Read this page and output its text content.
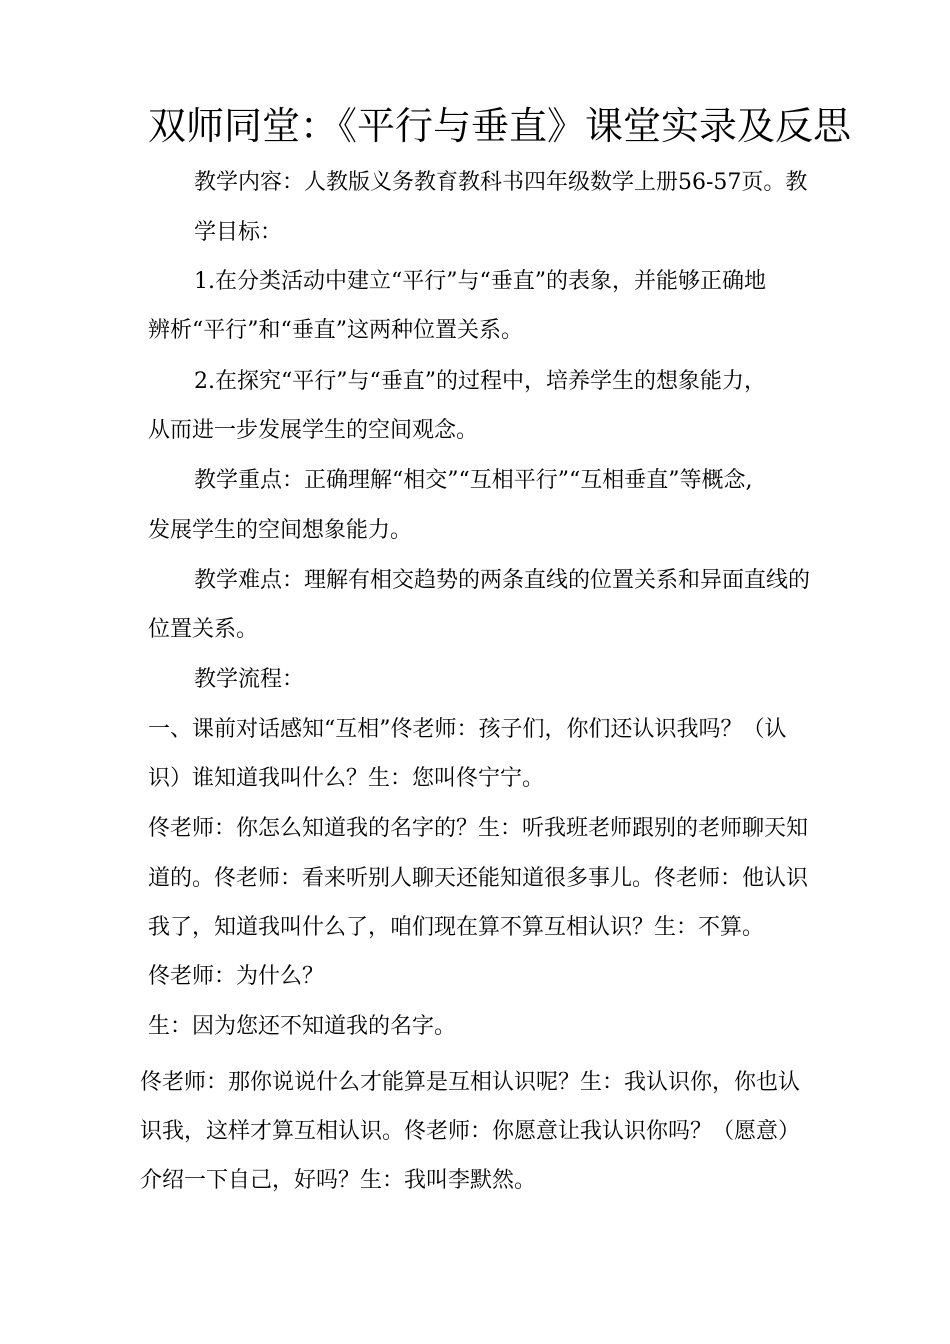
双师同堂：《平行与垂直》课堂实录及反思
教学内容：人教版义务教育教科书四年级数学上册56-57页。教
学目标：
1.在分类活动中建立“平行”与“垂直”的表象，并能够正确地
辨析“平行”和“垂直”这两种位置关系。
2.在探究“平行”与“垂直”的过程中，培养学生的想象能力，
从而进一步发展学生的空间观念。
教学重点：正确理解“相交”“互相平行”“互相垂直”等概念,
发展学生的空间想象能力。
教学难点：理解有相交趋势的两条直线的位置关系和异面直线的
位置关系。
教学流程：
一、课前对话感知“互相”佟老师：孩子们，你们还认识我吗？（认
识）谁知道我叫什么？生：您叫佟宁宁。
佟老师：你怎么知道我的名字的？生：听我班老师跟别的老师聊天知
道的。佟老师：看来听别人聊天还能知道很多事儿。佟老师：他认识
我了，知道我叫什么了，咱们现在算不算互相认识？生：不算。
佟老师：为什么？
生：因为您还不知道我的名字。
佟老师：那你说说什么才能算是互相认识呢？生：我认识你，你也认
识我，这样才算互相认识。佟老师：你愿意让我认识你吗？（愿意）
介绍一下自己，好吗？生：我叫李默然。
